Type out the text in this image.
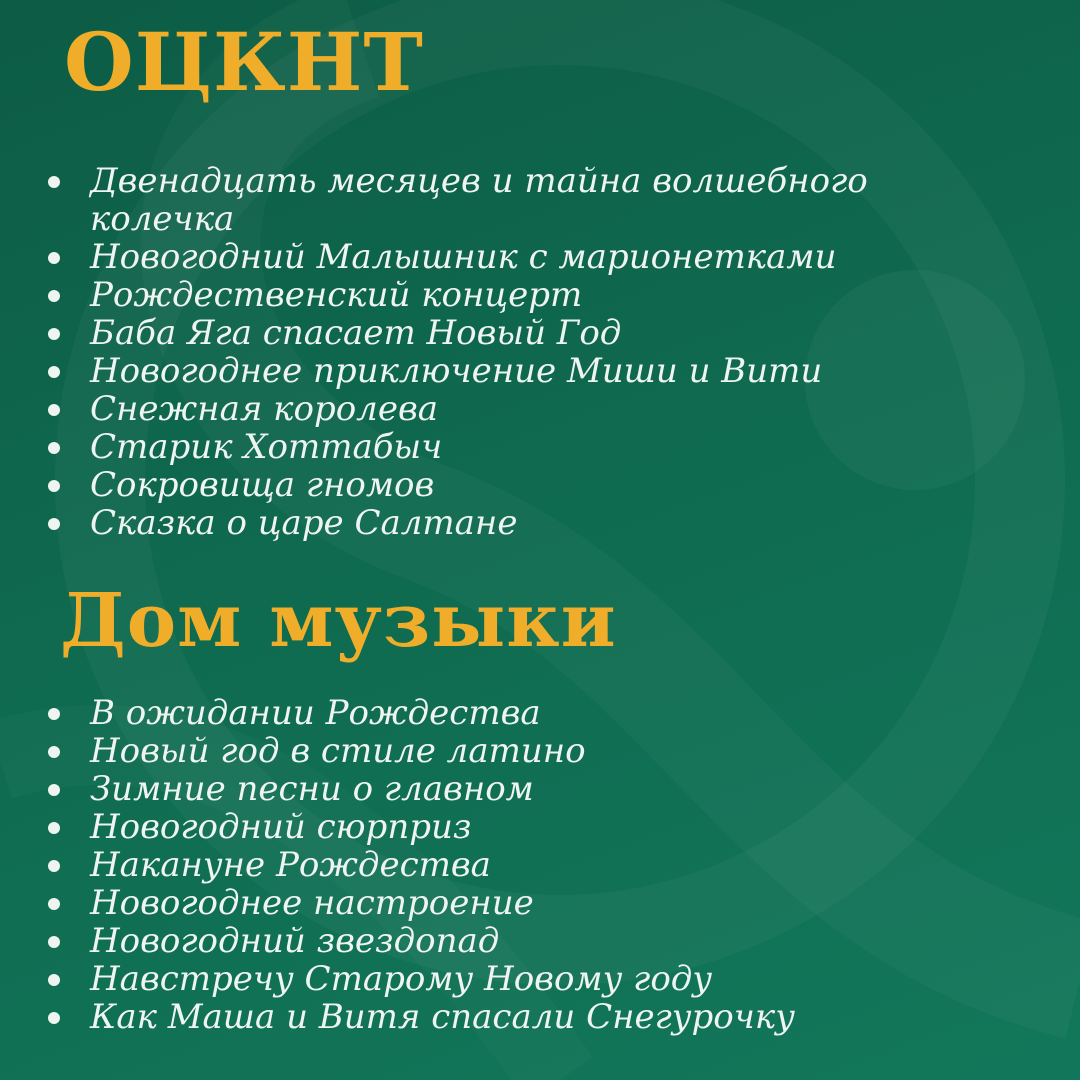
ОЦКНТ
Двенадцать месяцев и тайна волшебного колечка
Новогодний Малышник с марионетками
Рождественский концерт
Баба Яга спасает Новый Год
Новогоднее приключение Миши и Вити
Снежная королева
Старик Хоттабыч
Сокровища гномов
Сказка о царе Салтане
Дом музыки
В ожидании Рождества
Новый год в стиле латино
Зимние песни о главном
Новогодний сюрприз
Накануне Рождества
Новогоднее настроение
Новогодний звездопад
Навстречу Старому Новому году
Как Маша и Витя спасали Снегурочку
